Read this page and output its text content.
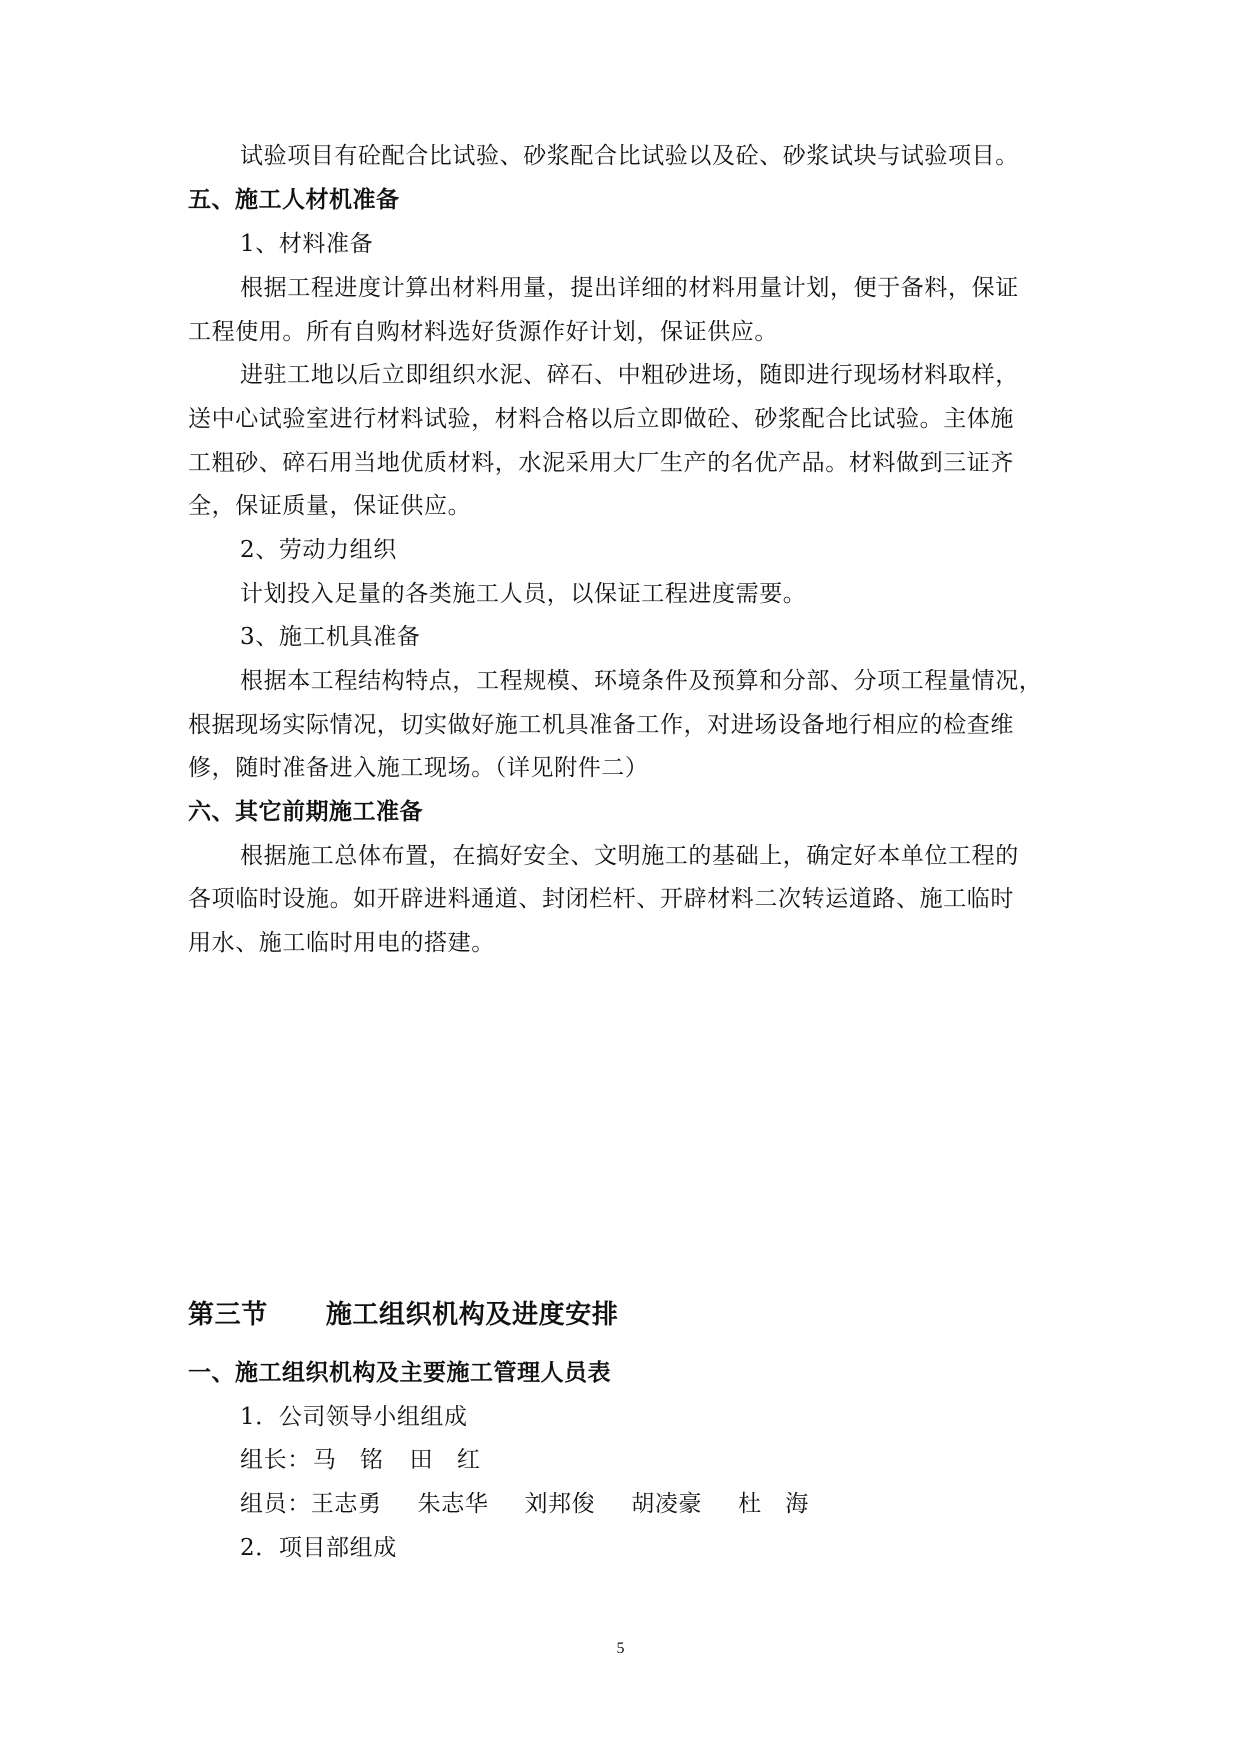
试验项目有砼配合比试验、砂浆配合比试验以及砼、砂浆试块与试验项目。
五、施工人材机准备
1、材料准备
根据工程进度计算出材料用量，提出详细的材料用量计划，便于备料，保证
工程使用。所有自购材料选好货源作好计划，保证供应。
进驻工地以后立即组织水泥、碎石、中粗砂进场，随即进行现场材料取样，
送中心试验室进行材料试验，材料合格以后立即做砼、砂浆配合比试验。主体施
工粗砂、碎石用当地优质材料，水泥采用大厂生产的名优产品。材料做到三证齐
全，保证质量，保证供应。
2、劳动力组织
计划投入足量的各类施工人员，以保证工程进度需要。
3、施工机具准备
根据本工程结构特点，工程规模、环境条件及预算和分部、分项工程量情况，
根据现场实际情况，切实做好施工机具准备工作，对进场设备地行相应的检查维
修，随时准备进入施工现场。（详见附件二）
六、其它前期施工准备
根据施工总体布置，在搞好安全、文明施工的基础上，确定好本单位工程的
各项临时设施。如开辟进料通道、封闭栏杆、开辟材料二次转运道路、施工临时
用水、施工临时用电的搭建。
第三节 施工组织机构及进度安排
一、施工组织机构及主要施工管理人员表
1．公司领导小组组成
组长：马　铭 田　红
组员：王志勇 朱志华 刘邦俊 胡凌豪 杜　海
2．项目部组成
5
